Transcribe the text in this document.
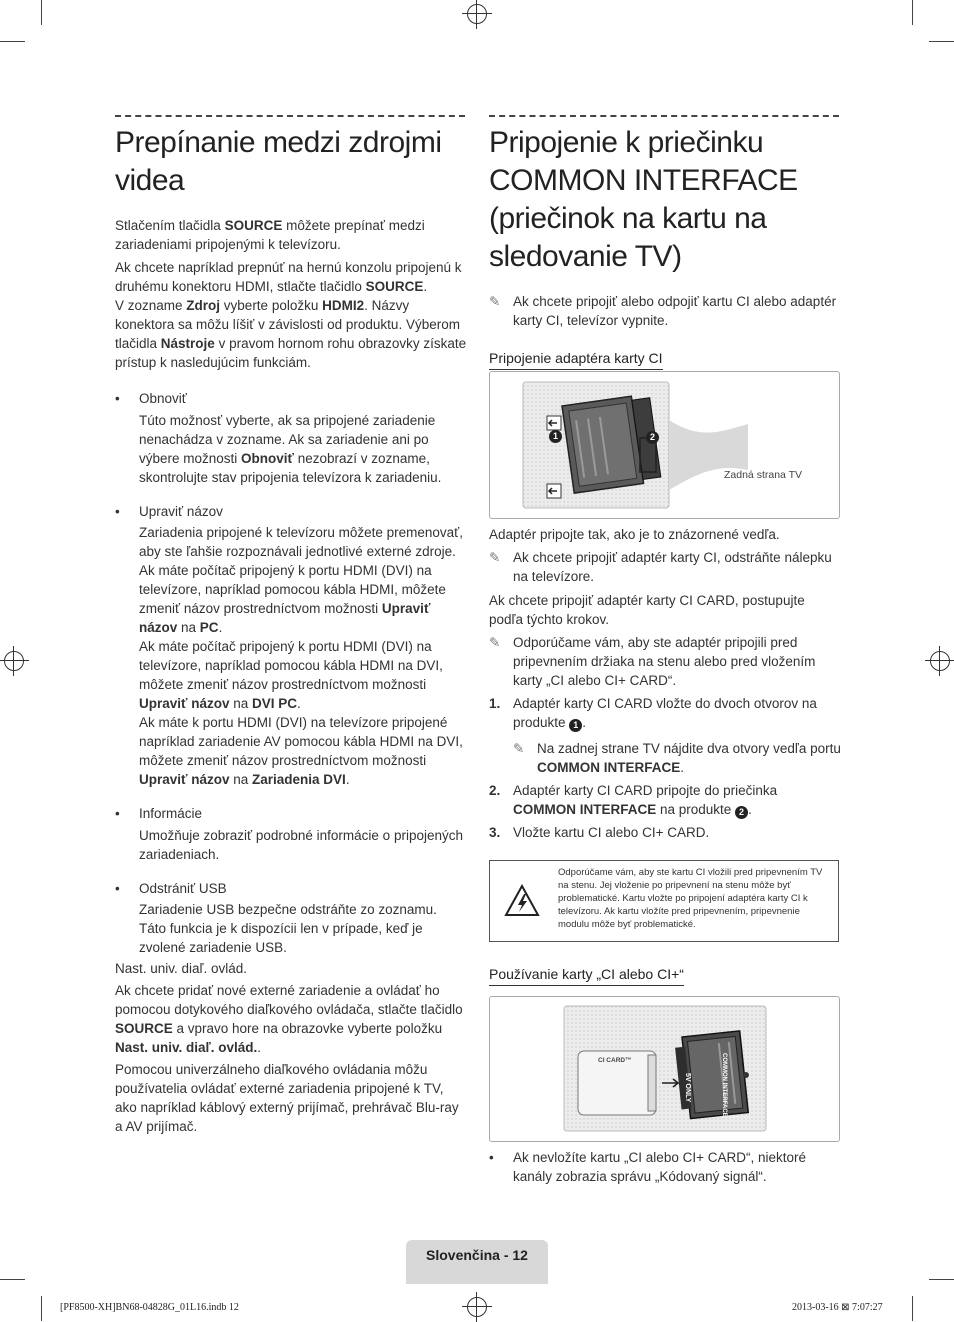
Prepínanie medzi zdrojmi
videa

Stlačením tlačidla SOURCE môžete prepínať medzi zariadeniami pripojenými k televízoru.

Ak chcete napríklad prepnúť na hernú konzolu pripojenú k druhému konektoru HDMI, stlačte tlačidlo SOURCE.

V zozname Zdroj vyberte položku HDMI2. Názvy konektora sa môžu líšiť v závislosti od produktu. Výberom tlačidla Nástroje v pravom hornom rohu obrazovky získate prístup k nasledujúcim funkciám.

• Obnoviť
Túto možnosť vyberte, ak sa pripojené zariadenie nenachádza v zozname. Ak sa zariadenie ani po výbere možnosti Obnoviť nezobrazí v zozname, skontrolujte stav pripojenia televízora k zariadeniu.
• Upraviť názov
Zariadenia pripojené k televízoru môžete premenovať, aby ste ľahšie rozpoznávali jednotlivé externé zdroje.
Ak máte počítač pripojený k portu HDMI (DVI) na televízore, napríklad pomocou kábla HDMI, môžete zmeniť názov prostredníctvom možnosti Upraviť názov na PC.
Ak máte počítač pripojený k portu HDMI (DVI) na televízore, napríklad pomocou kábla HDMI na DVI, môžete zmeniť názov prostredníctvom možnosti Upraviť názov na DVI PC.
Ak máte k portu HDMI (DVI) na televízore pripojené napríklad zariadenie AV pomocou kábla HDMI na DVI, môžete zmeniť názov prostredníctvom možnosti Upraviť názov na Zariadenia DVI.
• Informácie
Umožňuje zobraziť podrobné informácie o pripojených zariadeniach.
• Odstrániť USB
Zariadenie USB bezpečne odstráňte zo zoznamu. Táto funkcia je k dispozícii len v prípade, keď je zvolené zariadenie USB.

Nast. univ. diaľ. ovlád.

Ak chcete pridať nové externé zariadenie a ovládať ho pomocou dotykového diaľkového ovládača, stlačte tlačidlo SOURCE a vpravo hore na obrazovke vyberte položku Nast. univ. diaľ. ovlád..

Pomocou univerzálneho diaľkového ovládania môžu používatelia ovládať externé zariadenia pripojené k TV, ako napríklad káblový externý prijímač, prehrávač Blu-ray a AV prijímač.

Pripojenie k priečinku
COMMON INTERFACE
(priečinok na kartu na
sledovanie TV)
✎ Ak chcete pripojiť alebo odpojiť kartu CI alebo adaptér karty CI, televízor vypnite.
Pripojenie adaptéra karty CI
1	2
Zadná strana TV

Adaptér pripojte tak, ako je to znázornené vedľa.

✎ Ak chcete pripojiť adaptér karty CI, odstráňte nálepku na televízore.

Ak chcete pripojiť adaptér karty CI CARD, postupujte podľa týchto krokov.

✎ Odporúčame vám, aby ste adaptér pripojili pred pripevnením držiaka na stenu alebo pred vložením karty „CI alebo CI+ CARD“.
1. Adaptér karty CI CARD vložte do dvoch otvorov na produkte 1 .
✎ Na zadnej strane TV nájdite dva otvory vedľa portu COMMON INTERFACE.
2. Adaptér karty CI CARD pripojte do priečinka COMMON INTERFACE na produkte 2 .
3. Vložte kartu CI alebo CI+ CARD.
Odporúčame vám, aby ste kartu CI vložili pred pripevnením TV na stenu. Jej vloženie po pripevnení na stenu môže byť problematické. Kartu vložte po pripojení adaptéra karty CI k televízoru. Ak kartu vložíte pred pripevnením, pripevnenie modulu môže byť problematické.
Používanie karty „CI alebo CI+“
CI CARD™
5V ONLY	COMMON INTERFACE
• Ak nevložíte kartu „CI alebo CI+ CARD“, niektoré kanály zobrazia správu „Kódovaný signál“.
Slovenčina - 12
[PF8500-XH]BN68-04828G_01L16.indb 12	2013-03-16 ⊠ 7:07:27
